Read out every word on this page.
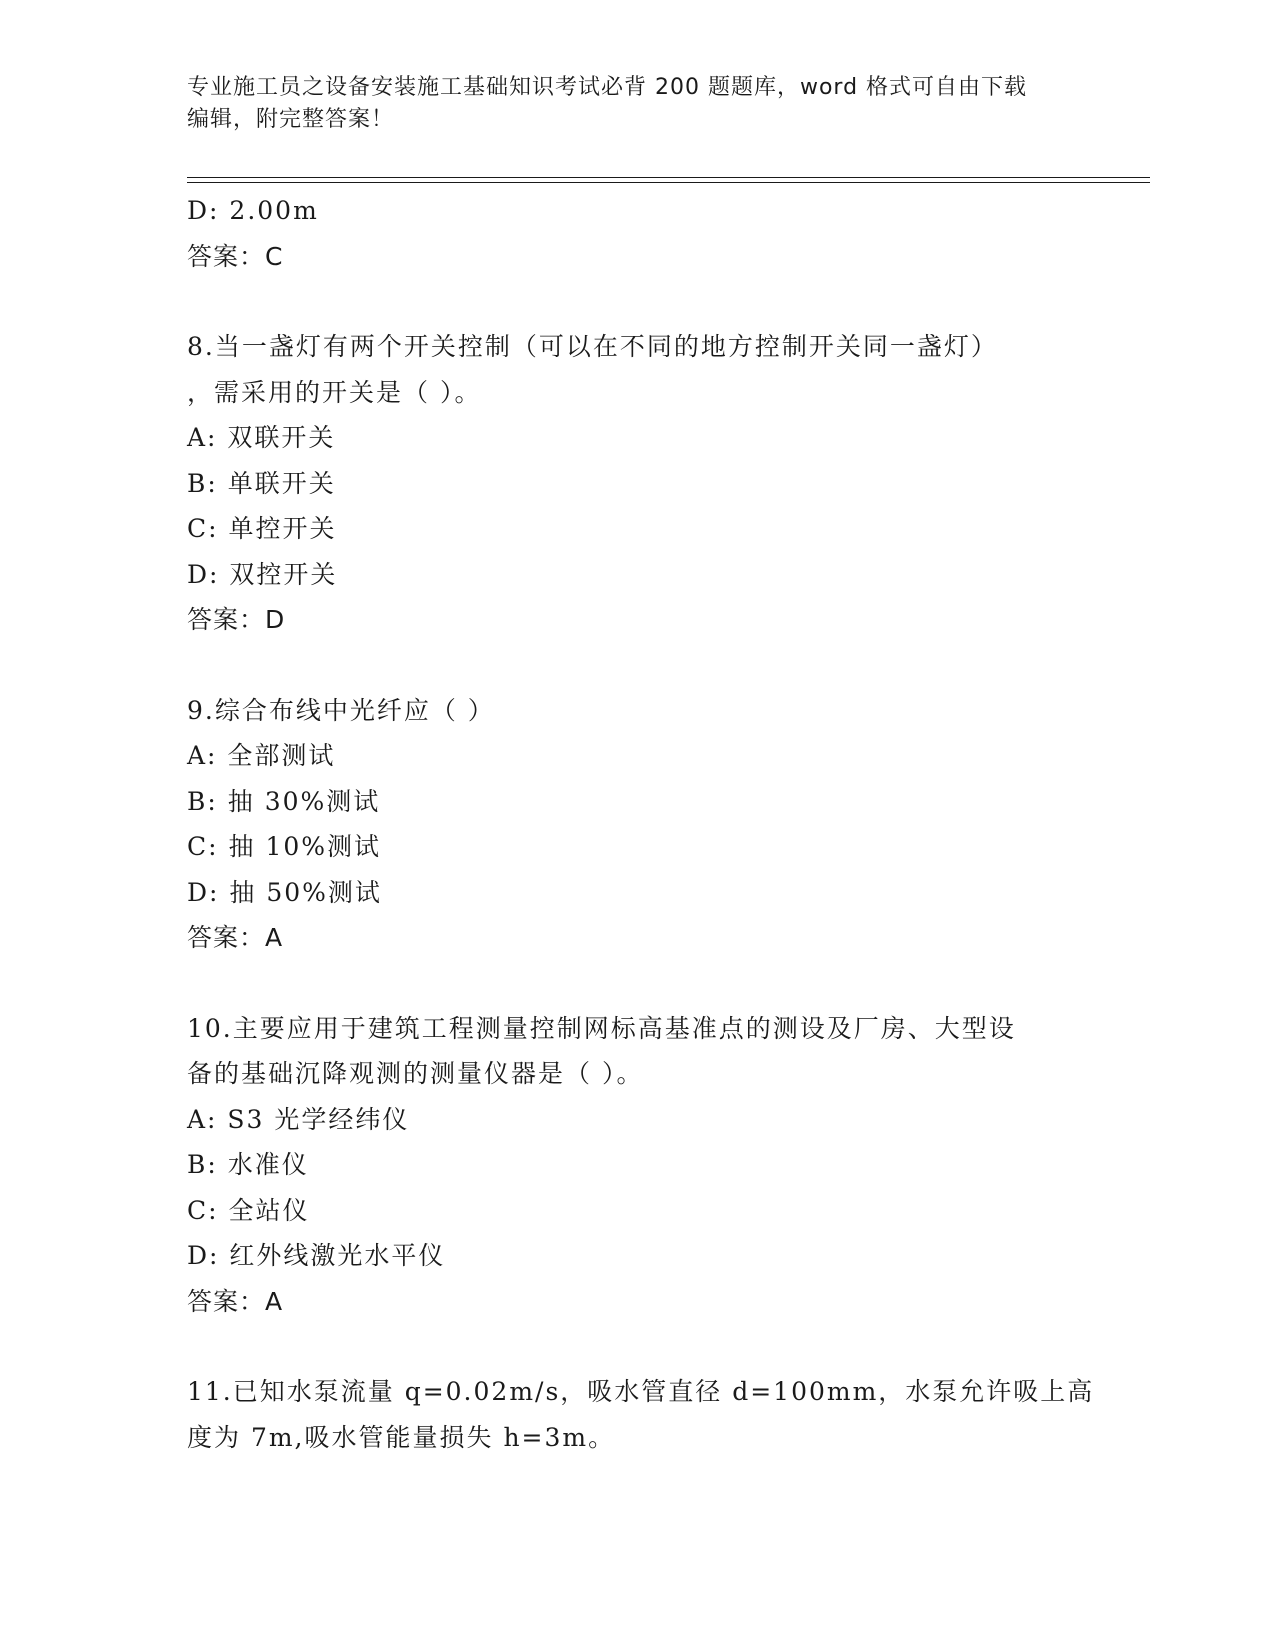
专业施工员之设备安装施工基础知识考试必背 200 题题库，word 格式可自由下载
编辑，附完整答案！
D: 2.00m
答案：C
8.当一盏灯有两个开关控制（可以在不同的地方控制开关同一盏灯）
，需采用的开关是（ ）。
A: 双联开关
B: 单联开关
C: 单控开关
D: 双控开关
答案：D
9.综合布线中光纤应（ ）
A: 全部测试
B: 抽 30%测试
C: 抽 10%测试
D: 抽 50%测试
答案：A
10.主要应用于建筑工程测量控制网标高基准点的测设及厂房、大型设
备的基础沉降观测的测量仪器是（ ）。
A: S3 光学经纬仪
B: 水准仪
C: 全站仪
D: 红外线激光水平仪
答案：A
11.已知水泵流量 q=0.02m/s，吸水管直径 d=100mm，水泵允许吸上高
度为 7m,吸水管能量损失 h=3m。
